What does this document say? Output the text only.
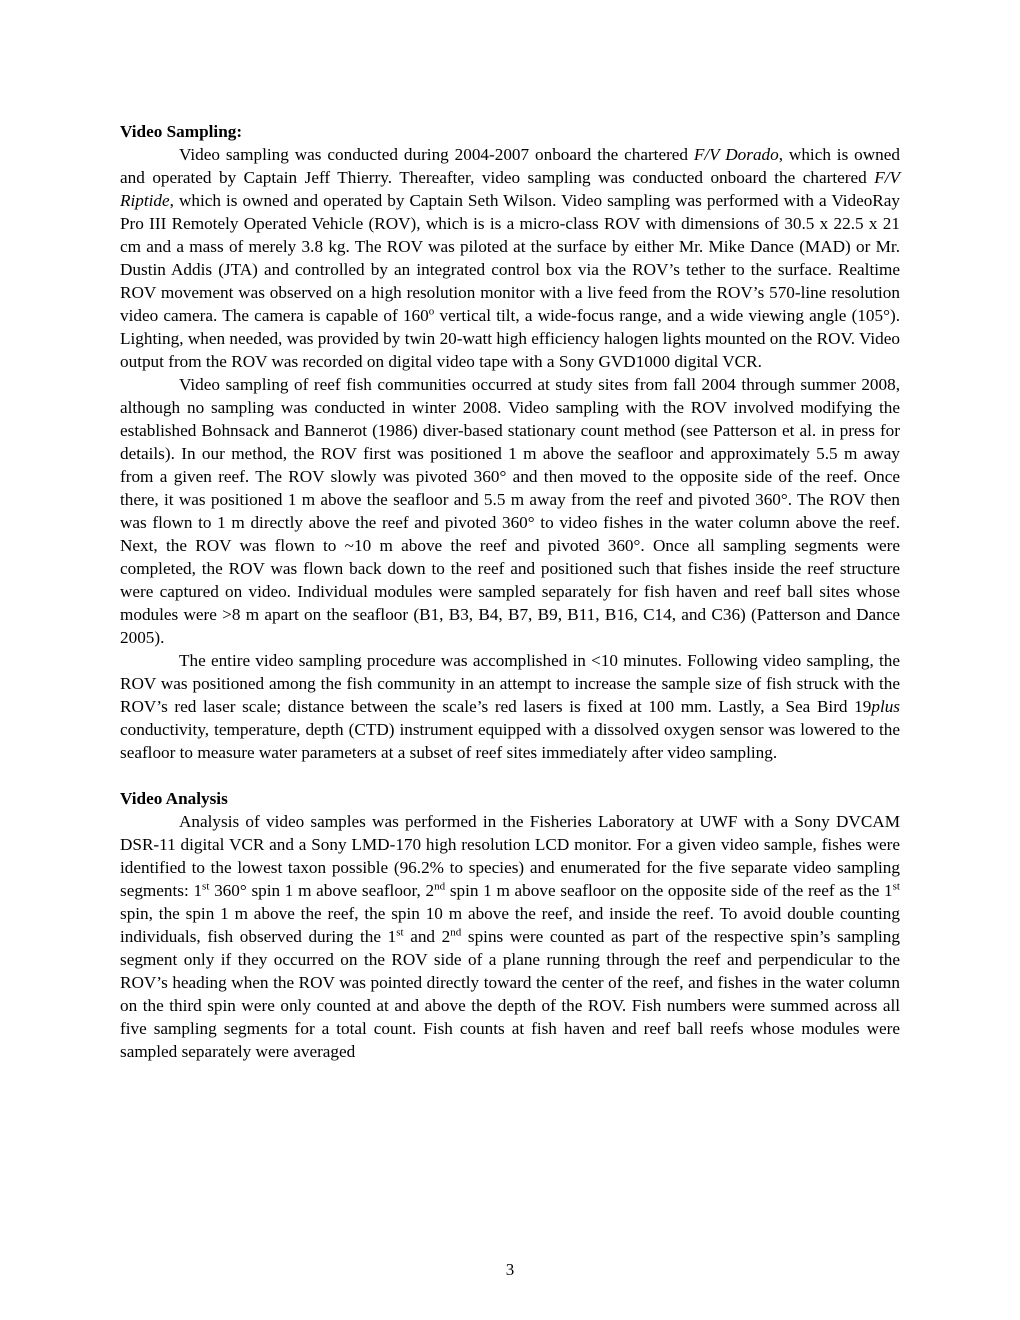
Video Sampling:

Video sampling was conducted during 2004-2007 onboard the chartered F/V Dorado, which is owned and operated by Captain Jeff Thierry. Thereafter, video sampling was conducted onboard the chartered F/V Riptide, which is owned and operated by Captain Seth Wilson. Video sampling was performed with a VideoRay Pro III Remotely Operated Vehicle (ROV), which is is a micro-class ROV with dimensions of 30.5 x 22.5 x 21 cm and a mass of merely 3.8 kg. The ROV was piloted at the surface by either Mr. Mike Dance (MAD) or Mr. Dustin Addis (JTA) and controlled by an integrated control box via the ROV’s tether to the surface. Realtime ROV movement was observed on a high resolution monitor with a live feed from the ROV’s 570-line resolution video camera. The camera is capable of 160$^o$ vertical tilt, a wide-focus range, and a wide viewing angle (105°). Lighting, when needed, was provided by twin 20-watt high efficiency halogen lights mounted on the ROV. Video output from the ROV was recorded on digital video tape with a Sony GVD1000 digital VCR.

Video sampling of reef fish communities occurred at study sites from fall 2004 through summer 2008, although no sampling was conducted in winter 2008. Video sampling with the ROV involved modifying the established Bohnsack and Bannerot (1986) diver-based stationary count method (see Patterson et al. in press for details). In our method, the ROV first was positioned 1 m above the seafloor and approximately 5.5 m away from a given reef. The ROV slowly was pivoted 360° and then moved to the opposite side of the reef. Once there, it was positioned 1 m above the seafloor and 5.5 m away from the reef and pivoted 360°. The ROV then was flown to 1 m directly above the reef and pivoted 360° to video fishes in the water column above the reef. Next, the ROV was flown to ~10 m above the reef and pivoted 360°. Once all sampling segments were completed, the ROV was flown back down to the reef and positioned such that fishes inside the reef structure were captured on video. Individual modules were sampled separately for fish haven and reef ball sites whose modules were >8 m apart on the seafloor (B1, B3, B4, B7, B9, B11, B16, C14, and C36) (Patterson and Dance 2005).

The entire video sampling procedure was accomplished in <10 minutes. Following video sampling, the ROV was positioned among the fish community in an attempt to increase the sample size of fish struck with the ROV’s red laser scale; distance between the scale’s red lasers is fixed at 100 mm. Lastly, a Sea Bird 19plus conductivity, temperature, depth (CTD) instrument equipped with a dissolved oxygen sensor was lowered to the seafloor to measure water parameters at a subset of reef sites immediately after video sampling.

Video Analysis

Analysis of video samples was performed in the Fisheries Laboratory at UWF with a Sony DVCAM DSR-11 digital VCR and a Sony LMD-170 high resolution LCD monitor. For a given video sample, fishes were identified to the lowest taxon possible (96.2% to species) and enumerated for the five separate video sampling segments: 1st 360° spin 1 m above seafloor, 2nd spin 1 m above seafloor on the opposite side of the reef as the 1st spin, the spin 1 m above the reef, the spin 10 m above the reef, and inside the reef. To avoid double counting individuals, fish observed during the 1st and 2nd spins were counted as part of the respective spin’s sampling segment only if they occurred on the ROV side of a plane running through the reef and perpendicular to the ROV’s heading when the ROV was pointed directly toward the center of the reef, and fishes in the water column on the third spin were only counted at and above the depth of the ROV. Fish numbers were summed across all five sampling segments for a total count. Fish counts at fish haven and reef ball reefs whose modules were sampled separately were averaged

3
